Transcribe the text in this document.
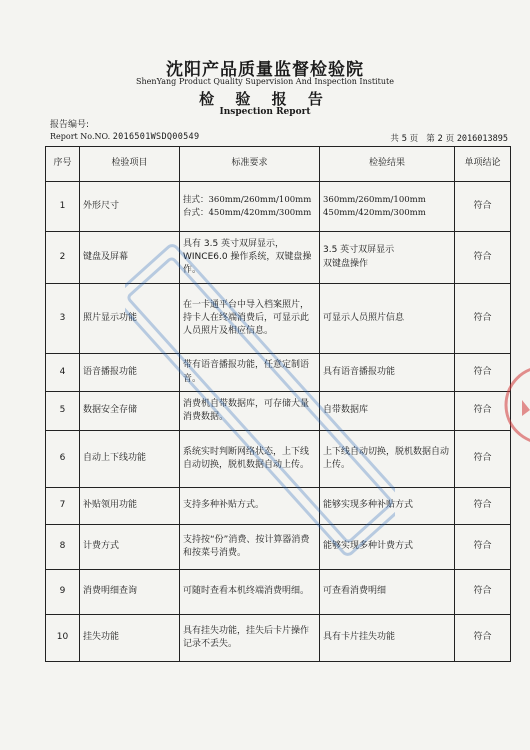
沈阳产品质量监督检验院
ShenYang Product Quality Supervision And Inspection Institute
检 验 报 告
Inspection Report
报告编号:
Report No.NO. 2016501WSDQ00549	共 5 页 第 2 页 2016013895
序号	检验项目	标准要求	检验结果	单项结论
1	外形尺寸	挂式：360mm/260mm/100mm
台式：450mm/420mm/300mm	360mm/260mm/100mm
450mm/420mm/300mm	符合
2	键盘及屏幕	具有 3.5 英寸双屏显示，WINCE6.0 操作系统，双键盘操作。	3.5 英寸双屏显示
双键盘操作	符合
3	照片显示功能	在一卡通平台中导入档案照片，持卡人在终端消费后，可显示此人员照片及相应信息。	可显示人员照片信息	符合
4	语音播报功能	带有语音播报功能，任意定制语音。	具有语音播报功能	符合
5	数据安全存储	消费机自带数据库，可存储大量消费数据。	自带数据库	符合
6	自动上下线功能	系统实时判断网络状态，上下线自动切换，脱机数据自动上传。	上下线自动切换，脱机数据自动上传。	符合
7	补贴领用功能	支持多种补贴方式。	能够实现多种补贴方式	符合
8	计费方式	支持按“份”消费、按计算器消费和按菜号消费。	能够实现多种计费方式	符合
9	消费明细查询	可随时查看本机终端消费明细。	可查看消费明细	符合
10	挂失功能	具有挂失功能，挂失后卡片操作记录不丢失。	具有卡片挂失功能	符合
